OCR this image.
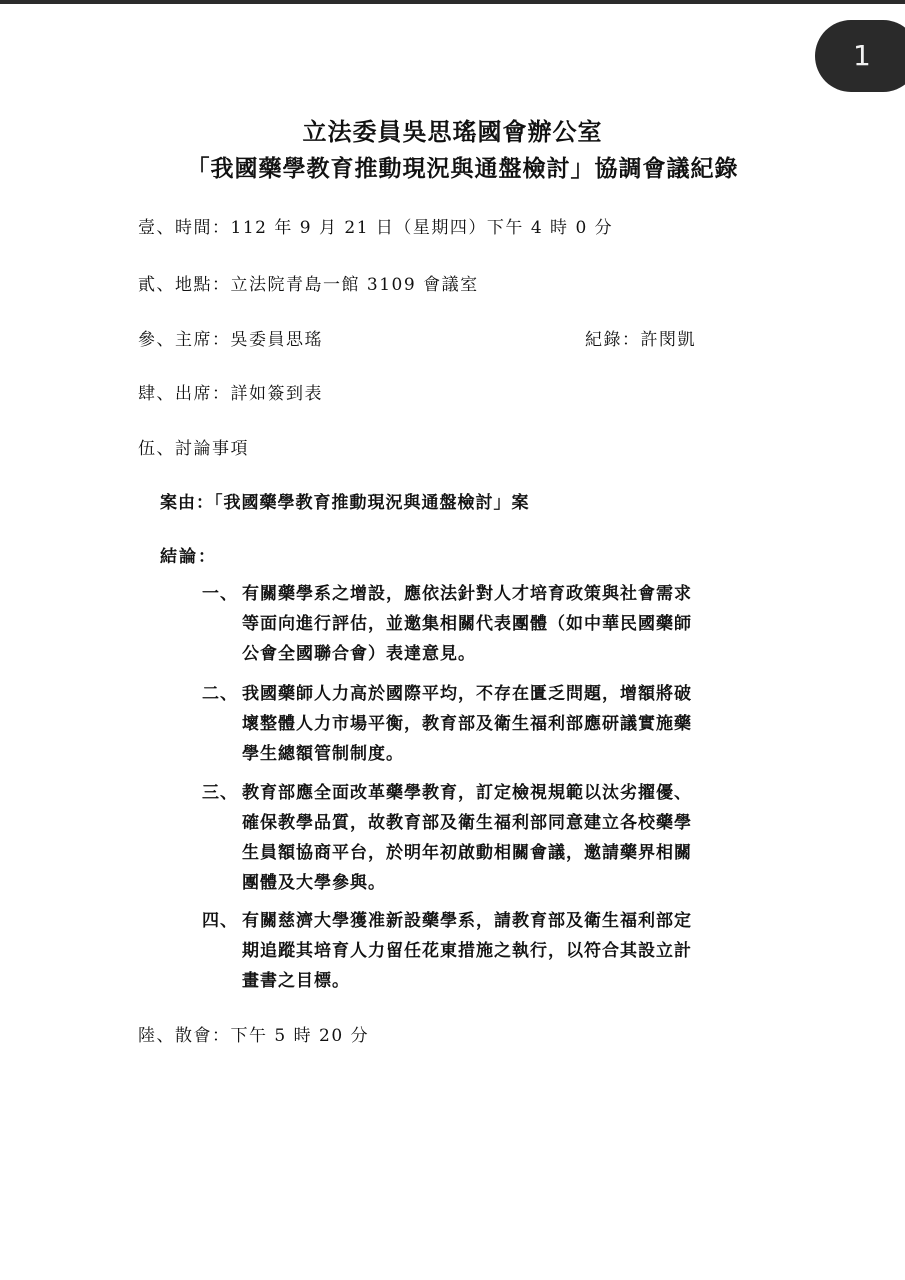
1
立法委員吳思瑤國會辦公室
「我國藥學教育推動現況與通盤檢討」協調會議紀錄
壹、時間：112 年 9 月 21 日（星期四）下午 4 時 0 分
貳、地點：立法院青島一館 3109 會議室
參、主席：吳委員思瑤	紀錄：許閔凱
肆、出席：詳如簽到表
伍、討論事項
案由：「我國藥學教育推動現況與通盤檢討」案
結論：
一、 有關藥學系之增設，應依法針對人才培育政策與社會需求
等面向進行評估，並邀集相關代表團體（如中華民國藥師
公會全國聯合會）表達意見。
二、 我國藥師人力高於國際平均，不存在匱乏問題，增額將破
壞整體人力市場平衡，教育部及衛生福利部應研議實施藥
學生總額管制制度。
三、 教育部應全面改革藥學教育，訂定檢視規範以汰劣擢優、
確保教學品質，故教育部及衛生福利部同意建立各校藥學
生員額協商平台，於明年初啟動相關會議，邀請藥界相關
團體及大學參與。
四、 有關慈濟大學獲准新設藥學系，請教育部及衛生福利部定
期追蹤其培育人力留任花東措施之執行，以符合其設立計
畫書之目標。
陸、散會：下午 5 時 20 分
